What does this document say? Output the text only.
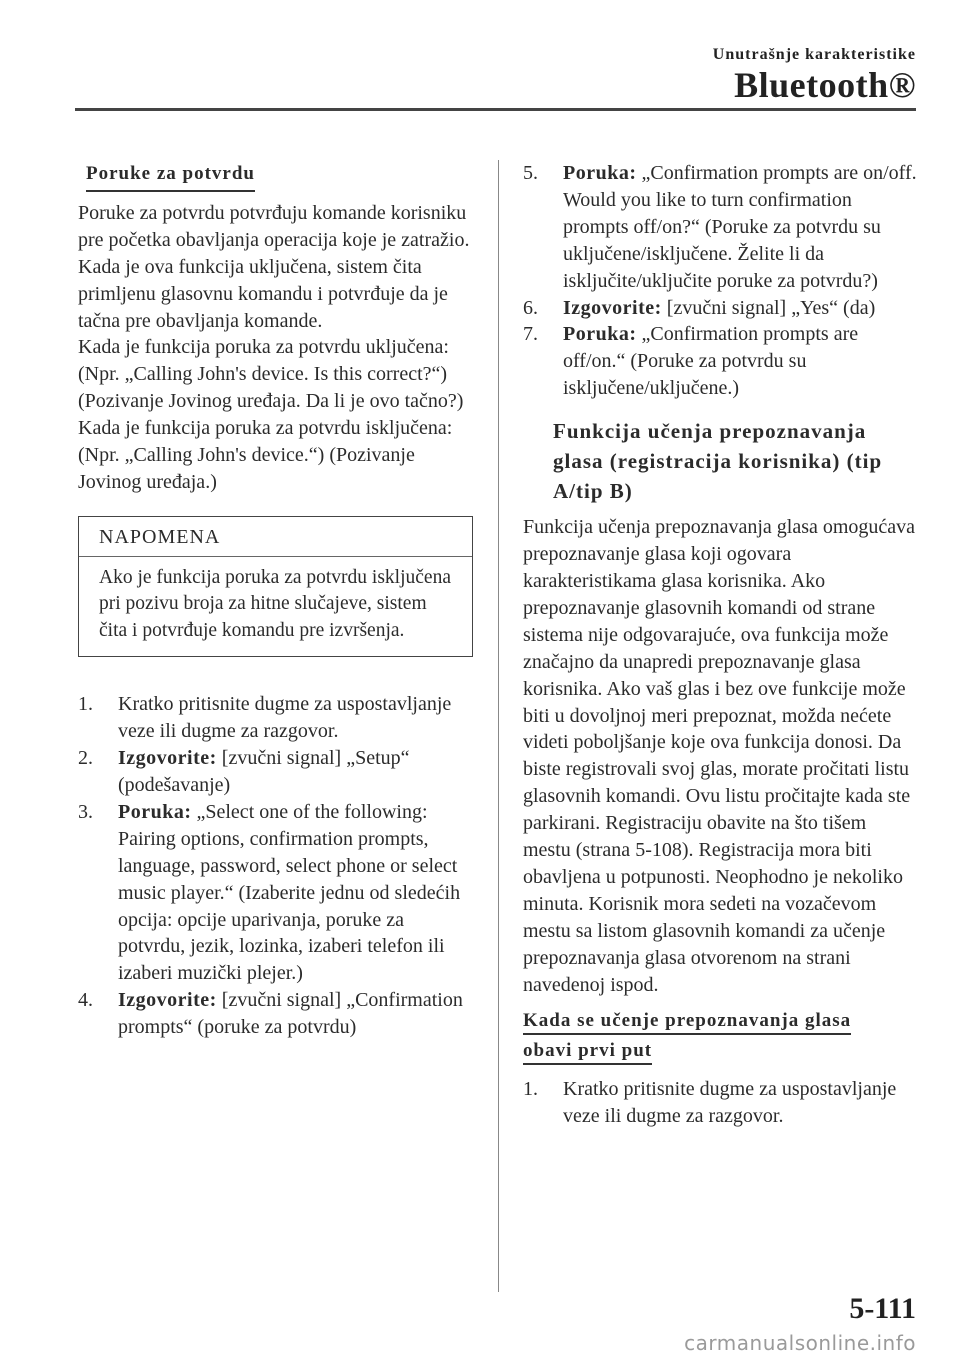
Unutrašnje karakteristike
Bluetooth®
Poruke za potvrdu

Poruke za potvrdu potvrđuju komande korisniku pre početka obavljanja operacija koje je zatražio. Kada je ova funkcija uključena, sistem čita primljenu glasovnu komandu i potvrđuje da je tačna pre obavljanja komande.

Kada je funkcija poruka za potvrdu uključena:

(Npr. „Calling John's device. Is this correct?“) (Pozivanje Jovinog uređaja. Da li je ovo tačno?)

Kada je funkcija poruka za potvrdu isključena:

(Npr. „Calling John's device.“) (Pozivanje Jovinog uređaja.)

NAPOMENA
Ako je funkcija poruka za potvrdu isključena pri pozivu broja za hitne slučajeve, sistem čita i potvrđuje komandu pre izvršenja.
1.	Kratko pritisnite dugme za uspostavljanje veze ili dugme za razgovor.
2.	Izgovorite: [zvučni signal] „Setup“ (podešavanje)
3.	Poruka: „Select one of the following: Pairing options, confirmation prompts, language, password, select phone or select music player.“ (Izaberite jednu od sledećih opcija: opcije uparivanja, poruke za potvrdu, jezik, lozinka, izaberi telefon ili izaberi muzički plejer.)
4.	Izgovorite: [zvučni signal] „Confirmation prompts“ (poruke za potvrdu)
5.	Poruka: „Confirmation prompts are on/off. Would you like to turn confirmation prompts off/on?“ (Poruke za potvrdu su uključene/isključene. Želite li da isključite/uključite poruke za potvrdu?)
6.	Izgovorite: [zvučni signal] „Yes“ (da)
7.	Poruka: „Confirmation prompts are off/on.“ (Poruke za potvrdu su isključene/uključene.)
Funkcija učenja prepoznavanja glasa (registracija korisnika) (tip A/tip B)

Funkcija učenja prepoznavanja glasa omogućava prepoznavanje glasa koji ogovara karakteristikama glasa korisnika. Ako prepoznavanje glasovnih komandi od strane sistema nije odgovarajuće, ova funkcija može značajno da unapredi prepoznavanje glasa korisnika. Ako vaš glas i bez ove funkcije može biti u dovoljnoj meri prepoznat, možda nećete videti poboljšanje koje ova funkcija donosi. Da biste registrovali svoj glas, morate pročitati listu glasovnih komandi. Ovu listu pročitajte kada ste parkirani. Registraciju obavite na što tišem mestu (strana 5-108). Registracija mora biti obavljena u potpunosti. Neophodno je nekoliko minuta. Korisnik mora sedeti na vozačevom mestu sa listom glasovnih komandi za učenje prepoznavanja glasa otvorenom na strani navedenoj ispod.

Kada se učenje prepoznavanja glasa obavi prvi put
1.	Kratko pritisnite dugme za uspostavljanje veze ili dugme za razgovor.
5-111
carmanualsonline.info
